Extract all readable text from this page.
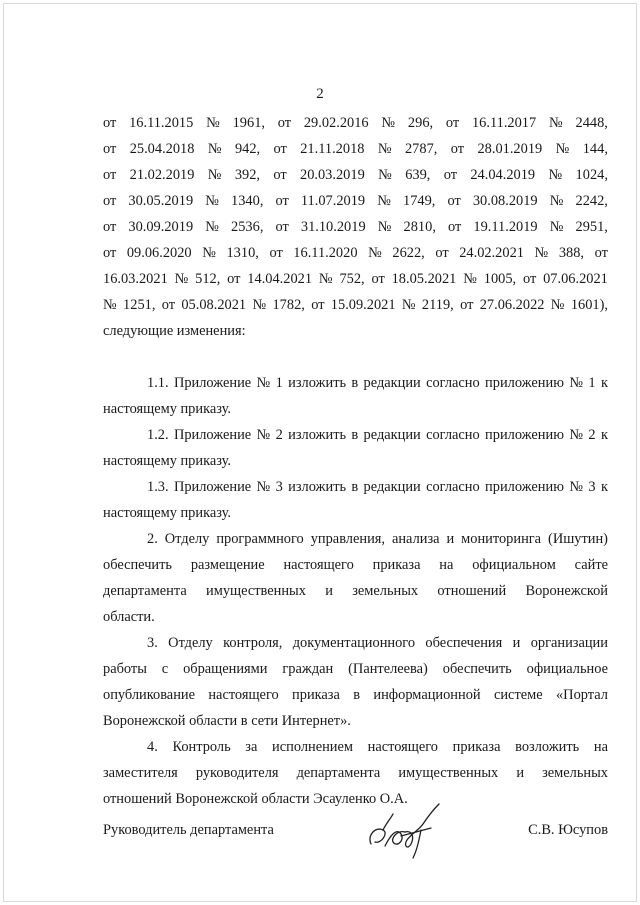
2
от 16.11.2015 № 1961, от 29.02.2016 № 296, от 16.11.2017 № 2448,
от 25.04.2018 № 942, от 21.11.2018 № 2787, от 28.01.2019 № 144,
от 21.02.2019 № 392, от 20.03.2019 № 639, от 24.04.2019 № 1024,
от 30.05.2019 № 1340, от 11.07.2019 № 1749, от 30.08.2019 № 2242,
от 30.09.2019 № 2536, от 31.10.2019 № 2810, от 19.11.2019 № 2951,
от 09.06.2020 № 1310, от 16.11.2020 № 2622, от 24.02.2021 № 388, от
16.03.2021 № 512, от 14.04.2021 № 752, от 18.05.2021 № 1005, от 07.06.2021
№ 1251, от 05.08.2021 № 1782, от 15.09.2021 № 2119, от 27.06.2022 № 1601),
следующие изменения:
1.1. Приложение № 1 изложить в редакции согласно приложению № 1 к
настоящему приказу.
1.2. Приложение № 2 изложить в редакции согласно приложению № 2 к
настоящему приказу.
1.3. Приложение № 3 изложить в редакции согласно приложению № 3 к
настоящему приказу.
2. Отделу программного управления, анализа и мониторинга (Ишутин)
обеспечить размещение настоящего приказа на официальном сайте
департамента имущественных и земельных отношений Воронежской
области.
3. Отделу контроля, документационного обеспечения и организации
работы с обращениями граждан (Пантелеева) обеспечить официальное
опубликование настоящего приказа в информационной системе «Портал
Воронежской области в сети Интернет».
4. Контроль за исполнением настоящего приказа возложить на
заместителя руководителя департамента имущественных и земельных
отношений Воронежской области Эсауленко О.А.
Руководитель департамента	С.В. Юсупов
